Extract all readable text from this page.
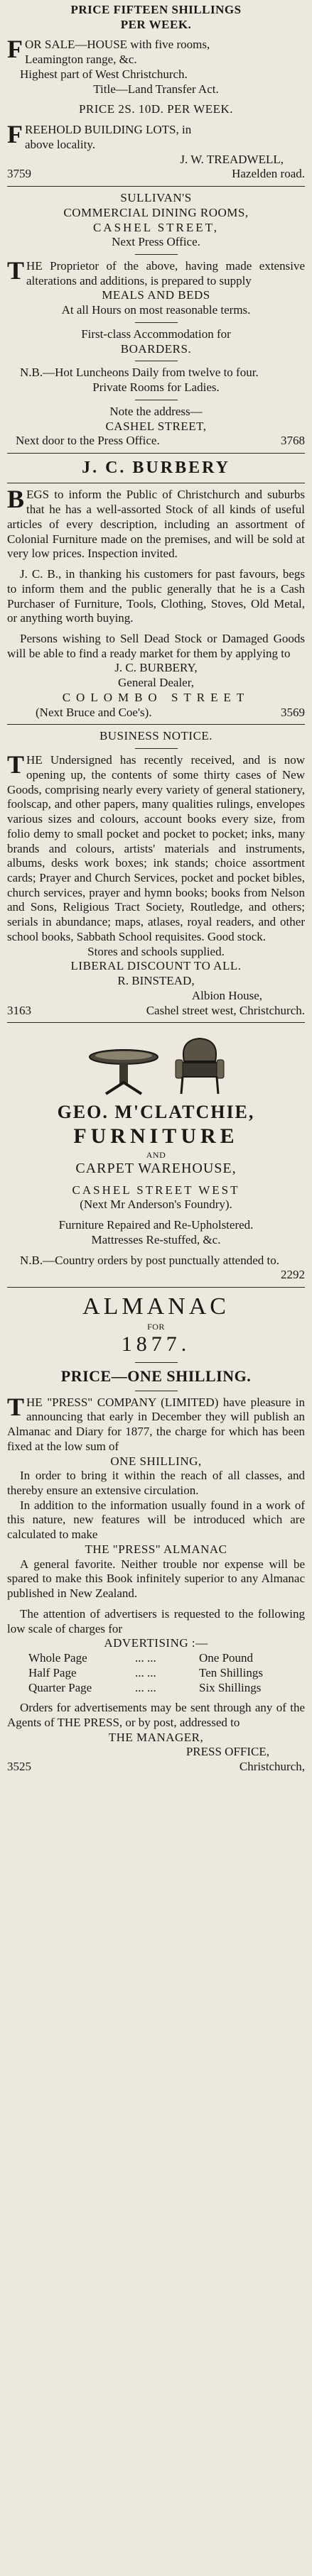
PRICE FIFTEEN SHILLINGS
PER WEEK.
F OR SALE—HOUSE with five rooms,
Leamington range, &c.
Highest part of West Christchurch.
Title—Land Transfer Act.
PRICE 2S. 10D. PER WEEK.
F REEHOLD BUILDING LOTS, in
above locality.
J. W. TREADWELL,
3759	Hazelden road.
SULLIVAN'S
COMMERCIAL DINING ROOMS,
CASHEL STREET,
Next Press Office.
THE Proprietor of the above, having made extensive alterations and additions, is prepared to supply
MEALS AND BEDS
At all Hours on most reasonable terms.
First-class Accommodation for
BOARDERS.
N.B.—Hot Luncheons Daily from twelve to four.
Private Rooms for Ladies.
Note the address—
CASHEL STREET,
Next door to the Press Office.	3768
J. C. BURBERY
BEGS to inform the Public of Christchurch and suburbs that he has a well-assorted Stock of all kinds of useful articles of every description, including an assortment of Colonial Furniture made on the premises, and will be sold at very low prices. Inspection invited.
J. C. B., in thanking his customers for past favours, begs to inform them and the public generally that he is a Cash Purchaser of Furniture, Tools, Clothing, Stoves, Old Metal, or anything worth buying.
Persons wishing to Sell Dead Stock or Damaged Goods will be able to find a ready market for them by applying to
J. C. BURBERY,
General Dealer,
COLOMBO STREET
(Next Bruce and Coe's).	3569
BUSINESS NOTICE.
THE Undersigned has recently received, and is now opening up, the contents of some thirty cases of New Goods, comprising nearly every variety of general stationery, foolscap, and other papers, many qualities rulings, envelopes various sizes and colours, account books every size, from folio demy to small pocket and pocket to pocket; inks, many brands and colours, artists' materials and instruments, albums, desks work boxes; ink stands; choice assortment cards; Prayer and Church Services, pocket and pocket bibles, church services, prayer and hymn books; books from Nelson and Sons, Religious Tract Society, Routledge, and others; serials in abundance; maps, atlases, royal readers, and other school books, Sabbath School requisites. Good stock.
Stores and schools supplied.
LIBERAL DISCOUNT TO ALL.
R. BINSTEAD,
Albion House,
3163	Cashel street west, Christchurch.
GEO. M'CLATCHIE,
FURNITURE
AND
CARPET WAREHOUSE,
CASHEL STREET WEST
(Next Mr Anderson's Foundry).
Furniture Repaired and Re-Upholstered.
Mattresses Re-stuffed, &c.
N.B.—Country orders by post punctually attended to.
2292
ALMANAC
FOR
1877.
PRICE—ONE SHILLING.
THE "PRESS" COMPANY (LIMITED) have pleasure in announcing that early in December they will publish an Almanac and Diary for 1877, the charge for which has been fixed at the low sum of
ONE SHILLING,
In order to bring it within the reach of all classes, and thereby ensure an extensive circulation.
In addition to the information usually found in a work of this nature, new features will be introduced which are calculated to make
THE "PRESS" ALMANAC
A general favorite. Neither trouble nor expense will be spared to make this Book infinitely superior to any Almanac published in New Zealand.
The attention of advertisers is requested to the following low scale of charges for
ADVERTISING :—
Whole Page	... ...	One Pound
Half Page	... ...	Ten Shillings
Quarter Page	... ...	Six Shillings
Orders for advertisements may be sent through any of the Agents of THE PRESS, or by post, addressed to
THE MANAGER,
PRESS OFFICE,
3525	Christchurch,
